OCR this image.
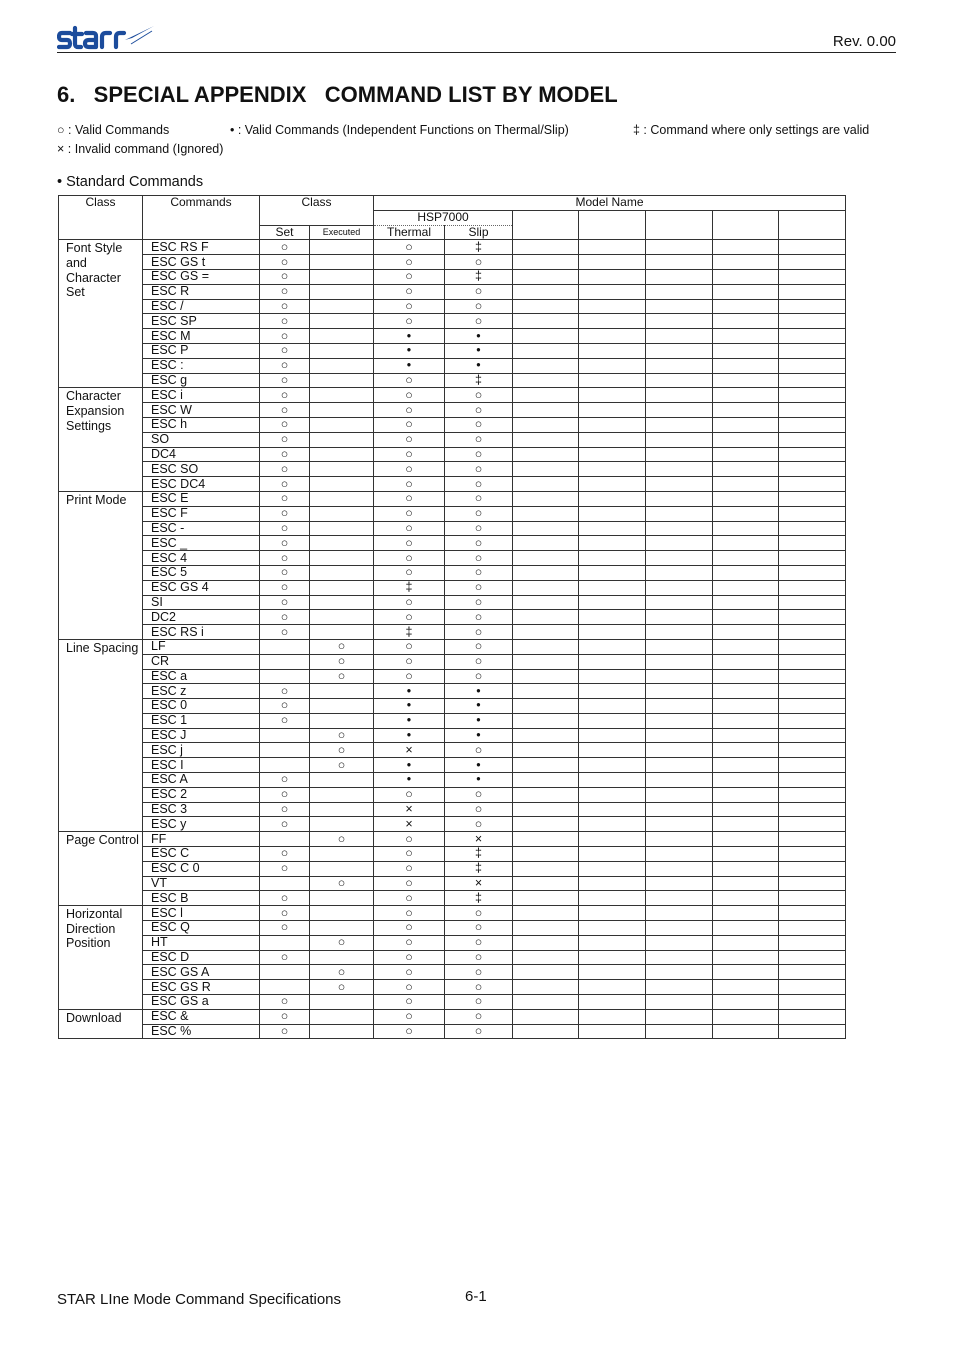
Rev. 0.00
6.   SPECIAL APPENDIX   COMMAND LIST BY MODEL
○ : Valid Commands	• : Valid Commands (Independent Functions on Thermal/Slip)	‡ : Command where only settings are valid
× : Invalid command (Ignored)
• Standard Commands
Class	Commands	Class		Model Name						
				HSP7000						
		Set	Executed	Thermal	Slip					
Font Style and Character Set	ESC RS F	○		○	‡					
	ESC GS t	○		○	○					
	ESC GS =	○		○	‡					
	ESC R	○		○	○					
	ESC /	○		○	○					
	ESC SP	○		○	○					
	ESC M	○		•	•					
	ESC P	○		•	•					
	ESC :	○		•	•					
	ESC g	○		○	‡					
Character Expansion Settings	ESC i	○		○	○					
	ESC W	○		○	○					
	ESC h	○		○	○					
	SO	○		○	○					
	DC4	○		○	○					
	ESC SO	○		○	○					
	ESC DC4	○		○	○					
Print Mode	ESC E	○		○	○					
	ESC F	○		○	○					
	ESC -	○		○	○					
	ESC _	○		○	○					
	ESC 4	○		○	○					
	ESC 5	○		○	○					
	ESC GS 4	○		‡	○					
	SI	○		○	○					
	DC2	○		○	○					
	ESC RS i	○		‡	○					
Line Spacing	LF		○	○	○					
	CR		○	○	○					
	ESC a		○	○	○					
	ESC z	○		•	•					
	ESC 0	○		•	•					
	ESC 1	○		•	•					
	ESC J		○	•	•					
	ESC j		○	×	○					
	ESC I		○	•	•					
	ESC A	○		•	•					
	ESC 2	○		○	○					
	ESC 3	○		×	○					
	ESC y	○		×	○					
Page Control	FF		○	○	×					
	ESC C	○		○	‡					
	ESC C 0	○		○	‡					
	VT		○	○	×					
	ESC B	○		○	‡					
Horizontal Direction Position	ESC l	○		○	○					
	ESC Q	○		○	○					
	HT		○	○	○					
	ESC D	○		○	○					
	ESC GS A		○	○	○					
	ESC GS R		○	○	○					
	ESC GS a	○		○	○					
Download	ESC &	○		○	○					
	ESC %	○		○	○					
STAR LIne Mode Command Specifications	6-1
